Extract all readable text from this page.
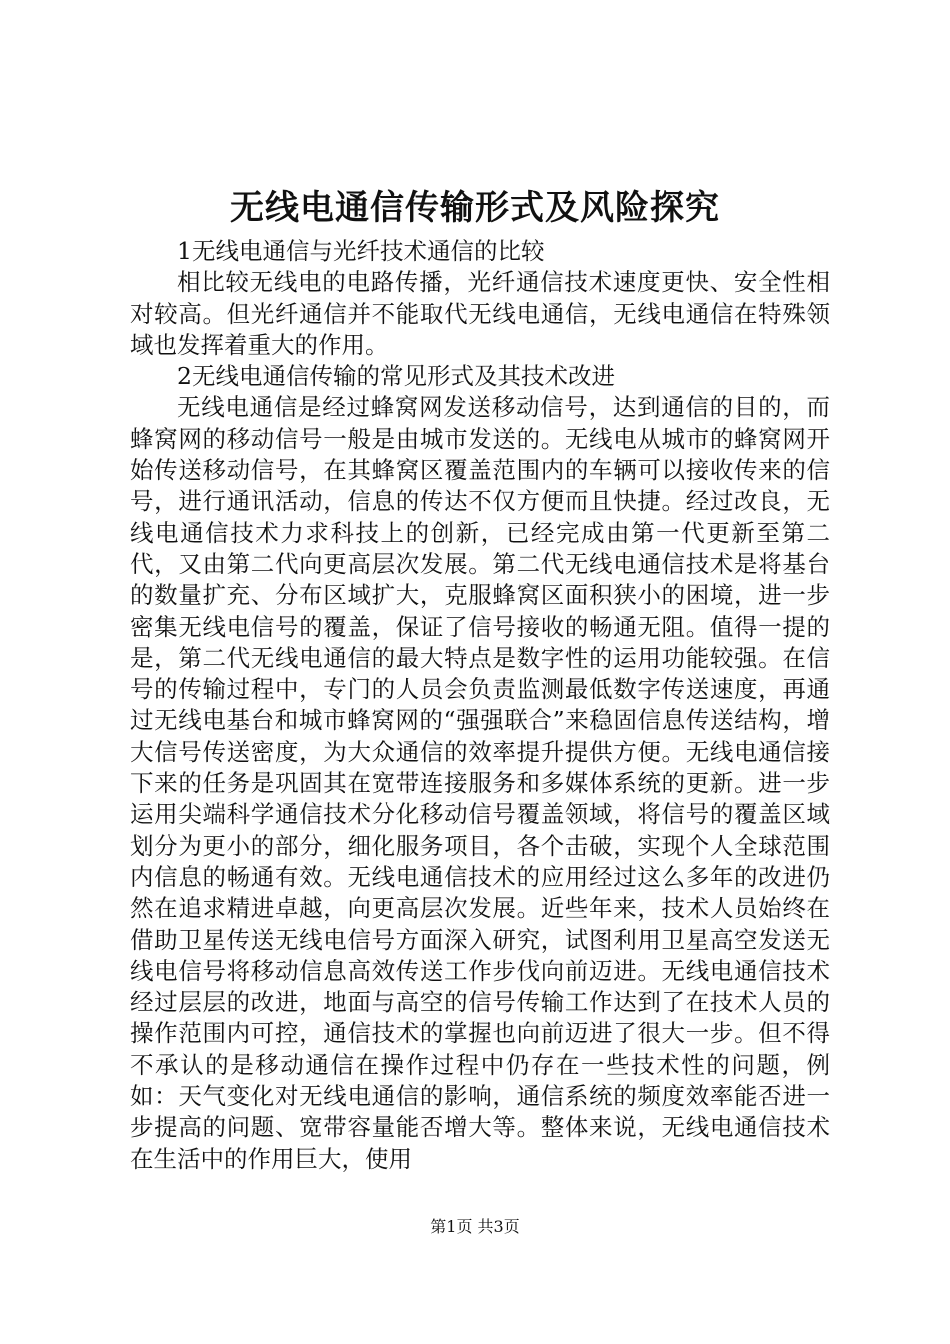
无线电通信传输形式及风险探究

1无线电通信与光纤技术通信的比较

相比较无线电的电路传播，光纤通信技术速度更快、安全性相对较高。但光纤通信并不能取代无线电通信，无线电通信在特殊领域也发挥着重大的作用。

2无线电通信传输的常见形式及其技术改进

无线电通信是经过蜂窝网发送移动信号，达到通信的目的，而蜂窝网的移动信号一般是由城市发送的。无线电从城市的蜂窝网开始传送移动信号，在其蜂窝区覆盖范围内的车辆可以接收传来的信号，进行通讯活动，信息的传达不仅方便而且快捷。经过改良，无线电通信技术力求科技上的创新，已经完成由第一代更新至第二代，又由第二代向更高层次发展。第二代无线电通信技术是将基台的数量扩充、分布区域扩大，克服蜂窝区面积狭小的困境，进一步密集无线电信号的覆盖，保证了信号接收的畅通无阻。值得一提的是，第二代无线电通信的最大特点是数字性的运用功能较强。在信号的传输过程中，专门的人员会负责监测最低数字传送速度，再通过无线电基台和城市蜂窝网的“强强联合”来稳固信息传送结构，增大信号传送密度，为大众通信的效率提升提供方便。无线电通信接下来的任务是巩固其在宽带连接服务和多媒体系统的更新。进一步运用尖端科学通信技术分化移动信号覆盖领域，将信号的覆盖区域划分为更小的部分，细化服务项目，各个击破，实现个人全球范围内信息的畅通有效。无线电通信技术的应用经过这么多年的改进仍然在追求精进卓越，向更高层次发展。近些年来，技术人员始终在借助卫星传送无线电信号方面深入研究，试图利用卫星高空发送无线电信号将移动信息高效传送工作步伐向前迈进。无线电通信技术经过层层的改进，地面与高空的信号传输工作达到了在技术人员的操作范围内可控，通信技术的掌握也向前迈进了很大一步。但不得不承认的是移动通信在操作过程中仍存在一些技术性的问题，例如：天气变化对无线电通信的影响，通信系统的频度效率能否进一步提高的问题、宽带容量能否增大等。整体来说，无线电通信技术在生活中的作用巨大，使用

第1页 共3页
